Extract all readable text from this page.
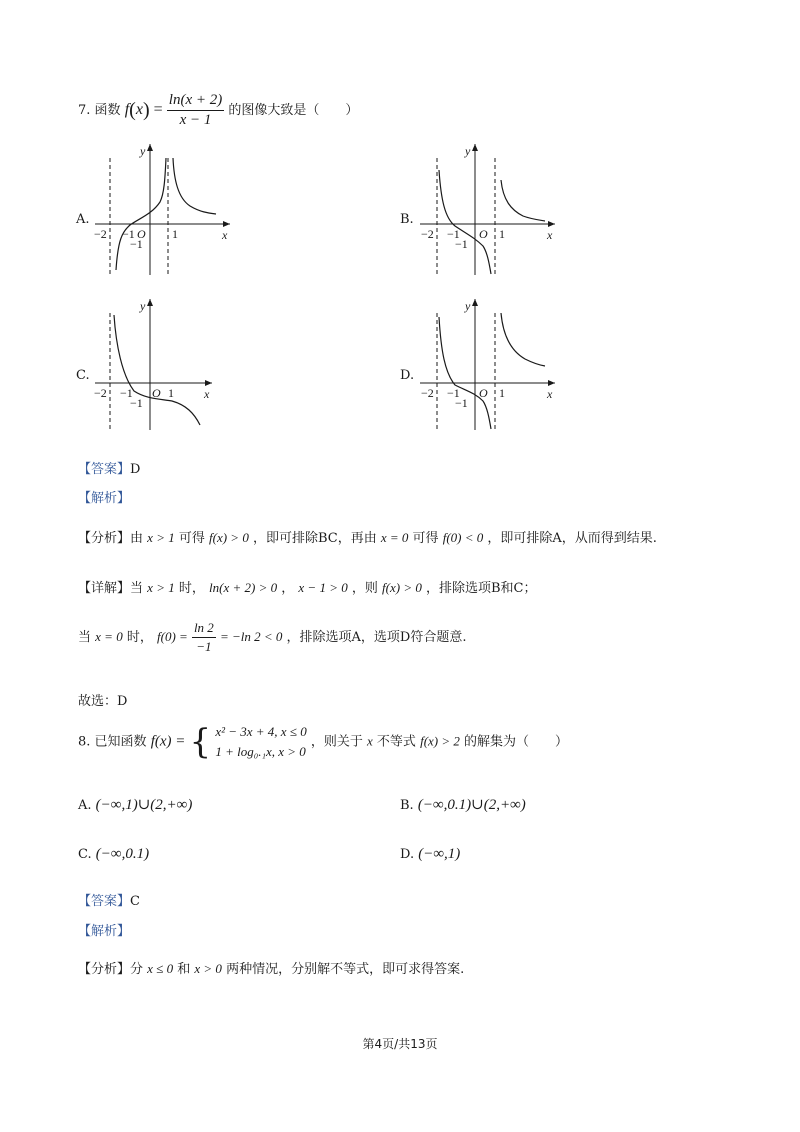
7. 函数 $f(x) = \frac{\ln(x + 2)}{x - 1}$ 的图像大致是（　　）
A.
y
x
−2 −1 O 1
−1
B.
y
x
−2 −1 O 1
−1
C.
y
x
−2 −1 O 1
−1
D.
y
x
−2 −1 O 1
−1
【答案】D
【解析】
【分析】由 x > 1 可得 f(x) > 0 ，即可排除BC，再由 x = 0 可得 f(0) < 0 ，即可排除A，从而得到结果.
【详解】当 x > 1 时， ln(x + 2) > 0 ， x − 1 > 0 ，则 f(x) > 0 ，排除选项B和C；
当 x = 0 时， $f(0) = \frac{\ln 2}{-1} = -\ln$ 2 < 0 ，排除选项A，选项D符合题意.
故选：D
8. 已知函数 f(x) = { x² − 3x + 4, x ≤ 0
1 + log₀.₁x, x > 0
，则关于 x 不等式 f(x) > 2 的解集为（　　）
A. (−∞,1)∪(2,+∞)	B. (−∞,0.1)∪(2,+∞)
C. (−∞,0.1)	D. (−∞,1)
【答案】C
【解析】
【分析】分 x ≤ 0 和 x > 0 两种情况，分别解不等式，即可求得答案.
第4页/共13页
